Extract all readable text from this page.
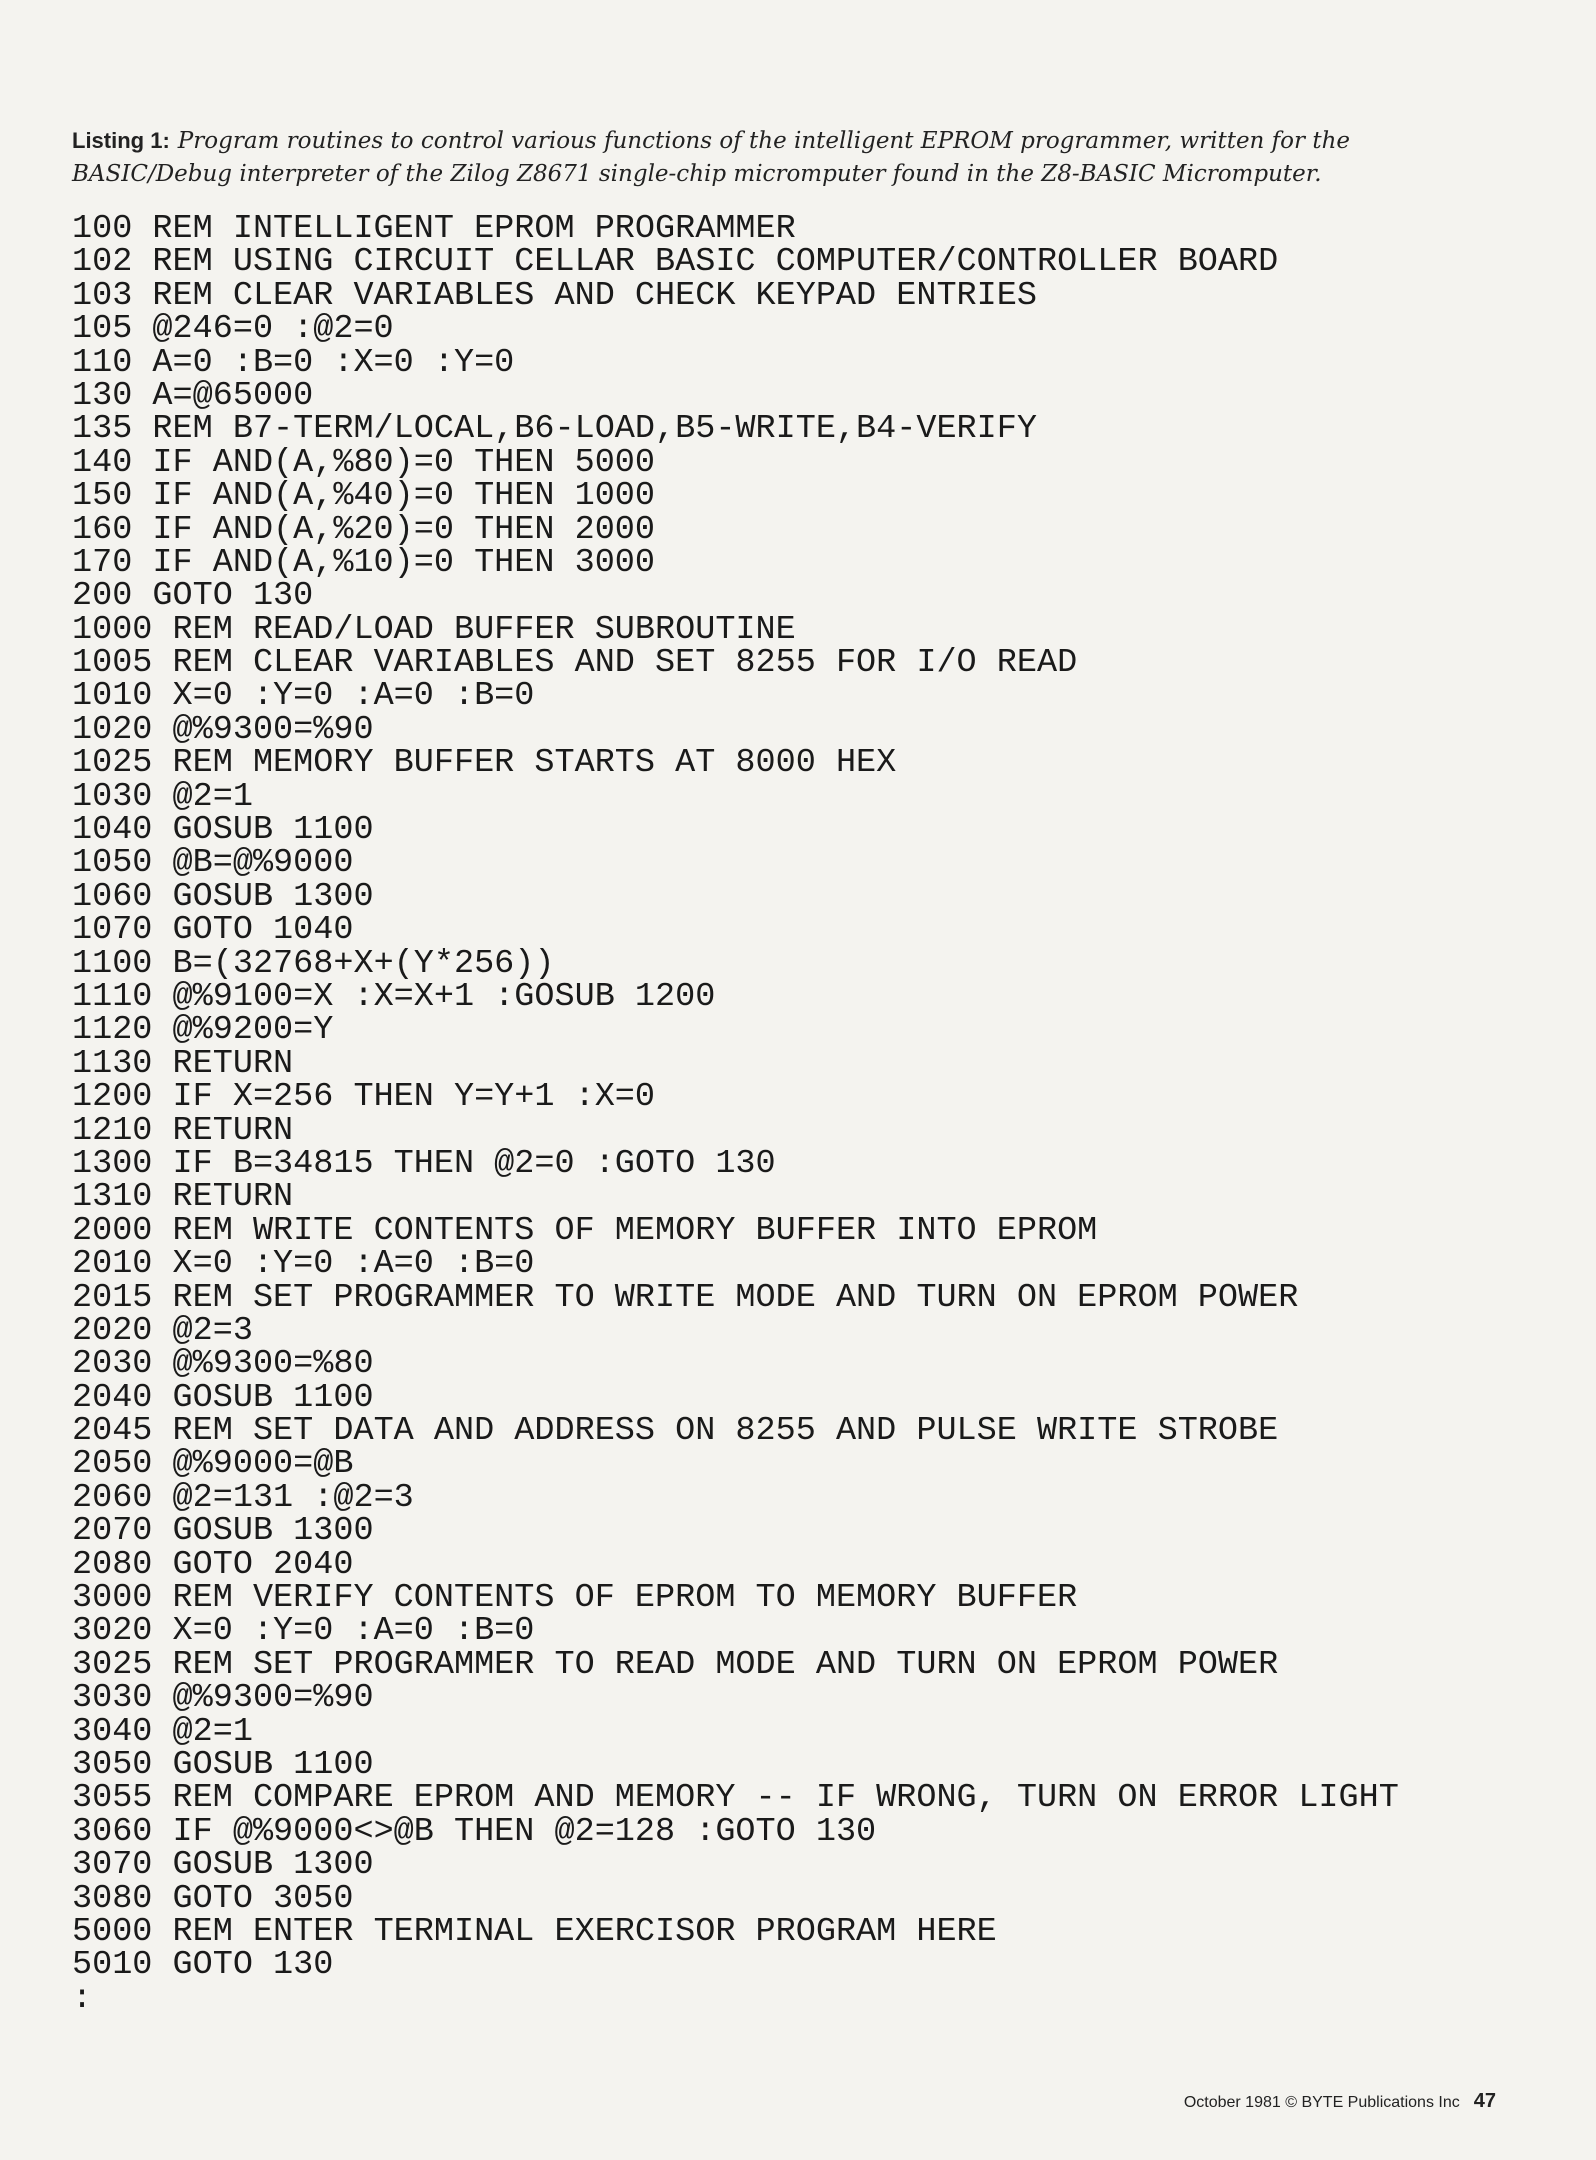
Listing 1: Program routines to control various functions of the intelligent EPROM programmer, written for the BASIC/Debug interpreter of the Zilog Z8671 single-chip micromputer found in the Z8-BASIC Micromputer.
100 REM INTELLIGENT EPROM PROGRAMMER
102 REM USING CIRCUIT CELLAR BASIC COMPUTER/CONTROLLER BOARD
103 REM CLEAR VARIABLES AND CHECK KEYPAD ENTRIES
105 @246=0 :@2=0
110 A=0 :B=0 :X=0 :Y=0
130 A=@65000
135 REM B7-TERM/LOCAL,B6-LOAD,B5-WRITE,B4-VERIFY
140 IF AND(A,%80)=0 THEN 5000
150 IF AND(A,%40)=0 THEN 1000
160 IF AND(A,%20)=0 THEN 2000
170 IF AND(A,%10)=0 THEN 3000
200 GOTO 130
1000 REM READ/LOAD BUFFER SUBROUTINE
1005 REM CLEAR VARIABLES AND SET 8255 FOR I/O READ
1010 X=0 :Y=0 :A=0 :B=0
1020 @%9300=%90
1025 REM MEMORY BUFFER STARTS AT 8000 HEX
1030 @2=1
1040 GOSUB 1100
1050 @B=@%9000
1060 GOSUB 1300
1070 GOTO 1040
1100 B=(32768+X+(Y*256))
1110 @%9100=X :X=X+1 :GOSUB 1200
1120 @%9200=Y
1130 RETURN
1200 IF X=256 THEN Y=Y+1 :X=0
1210 RETURN
1300 IF B=34815 THEN @2=0 :GOTO 130
1310 RETURN
2000 REM WRITE CONTENTS OF MEMORY BUFFER INTO EPROM
2010 X=0 :Y=0 :A=0 :B=0
2015 REM SET PROGRAMMER TO WRITE MODE AND TURN ON EPROM POWER
2020 @2=3
2030 @%9300=%80
2040 GOSUB 1100
2045 REM SET DATA AND ADDRESS ON 8255 AND PULSE WRITE STROBE
2050 @%9000=@B
2060 @2=131 :@2=3
2070 GOSUB 1300
2080 GOTO 2040
3000 REM VERIFY CONTENTS OF EPROM TO MEMORY BUFFER
3020 X=0 :Y=0 :A=0 :B=0
3025 REM SET PROGRAMMER TO READ MODE AND TURN ON EPROM POWER
3030 @%9300=%90
3040 @2=1
3050 GOSUB 1100
3055 REM COMPARE EPROM AND MEMORY -- IF WRONG, TURN ON ERROR LIGHT
3060 IF @%9000<>@B THEN @2=128 :GOTO 130
3070 GOSUB 1300
3080 GOTO 3050
5000 REM ENTER TERMINAL EXERCISOR PROGRAM HERE
5010 GOTO 130
:
October 1981 © BYTE Publications Inc 47
